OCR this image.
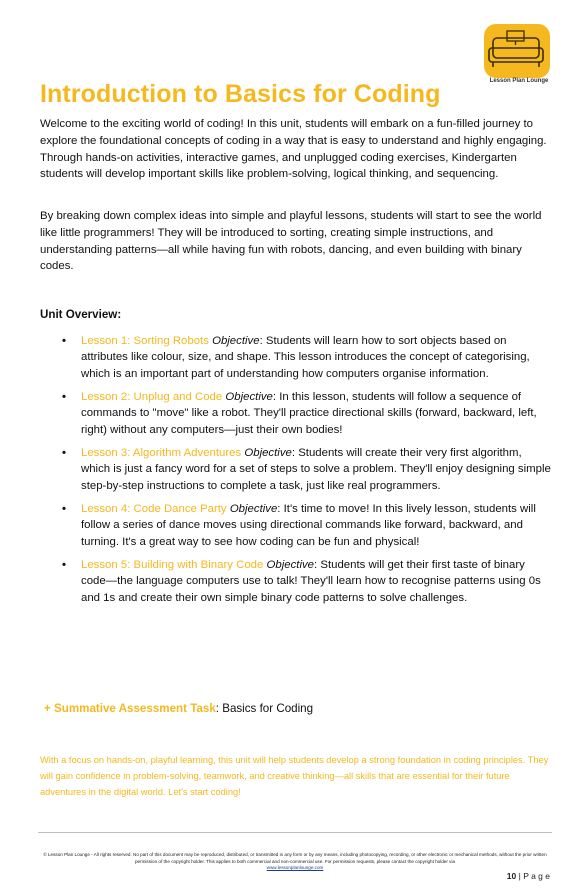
Lesson Plan Lounge
Introduction to Basics for Coding

Welcome to the exciting world of coding! In this unit, students will embark on a fun-filled journey to explore the foundational concepts of coding in a way that is easy to understand and highly engaging. Through hands-on activities, interactive games, and unplugged coding exercises, Kindergarten students will develop important skills like problem-solving, logical thinking, and sequencing.

By breaking down complex ideas into simple and playful lessons, students will start to see the world like little programmers! They will be introduced to sorting, creating simple instructions, and understanding patterns—all while having fun with robots, dancing, and even building with binary codes.

Unit Overview:

• Lesson 1: Sorting Robots Objective: Students will learn how to sort objects based on attributes like colour, size, and shape. This lesson introduces the concept of categorising, which is an important part of understanding how computers organise information.
• Lesson 2: Unplug and Code Objective: In this lesson, students will follow a sequence of commands to "move" like a robot. They'll practice directional skills (forward, backward, left, right) without any computers—just their own bodies!
• Lesson 3: Algorithm Adventures Objective: Students will create their very first algorithm, which is just a fancy word for a set of steps to solve a problem. They'll enjoy designing simple step-by-step instructions to complete a task, just like real programmers.
• Lesson 4: Code Dance Party Objective: It's time to move! In this lively lesson, students will follow a series of dance moves using directional commands like forward, backward, and turning. It's a great way to see how coding can be fun and physical!
• Lesson 5: Building with Binary Code Objective: Students will get their first taste of binary code—the language computers use to talk! They'll learn how to recognise patterns using 0s and 1s and create their own simple binary code patterns to solve challenges.

+ Summative Assessment Task: Basics for Coding

With a focus on hands-on, playful learning, this unit will help students develop a strong foundation in coding principles. They will gain confidence in problem-solving, teamwork, and creative thinking—all skills that are essential for their future adventures in the digital world. Let's start coding!

© Lesson Plan Lounge - All rights reserved. No part of this document may be reproduced, distributed, or transmitted in any form or by any means, including photocopying, recording, or other electronic or mechanical methods, without the prior written permission of the copyright holder. This applies to both commercial and non-commercial use. For permission requests, please contact the copyright holder via
www.lessonplanlounge.com

10 | P a g e
